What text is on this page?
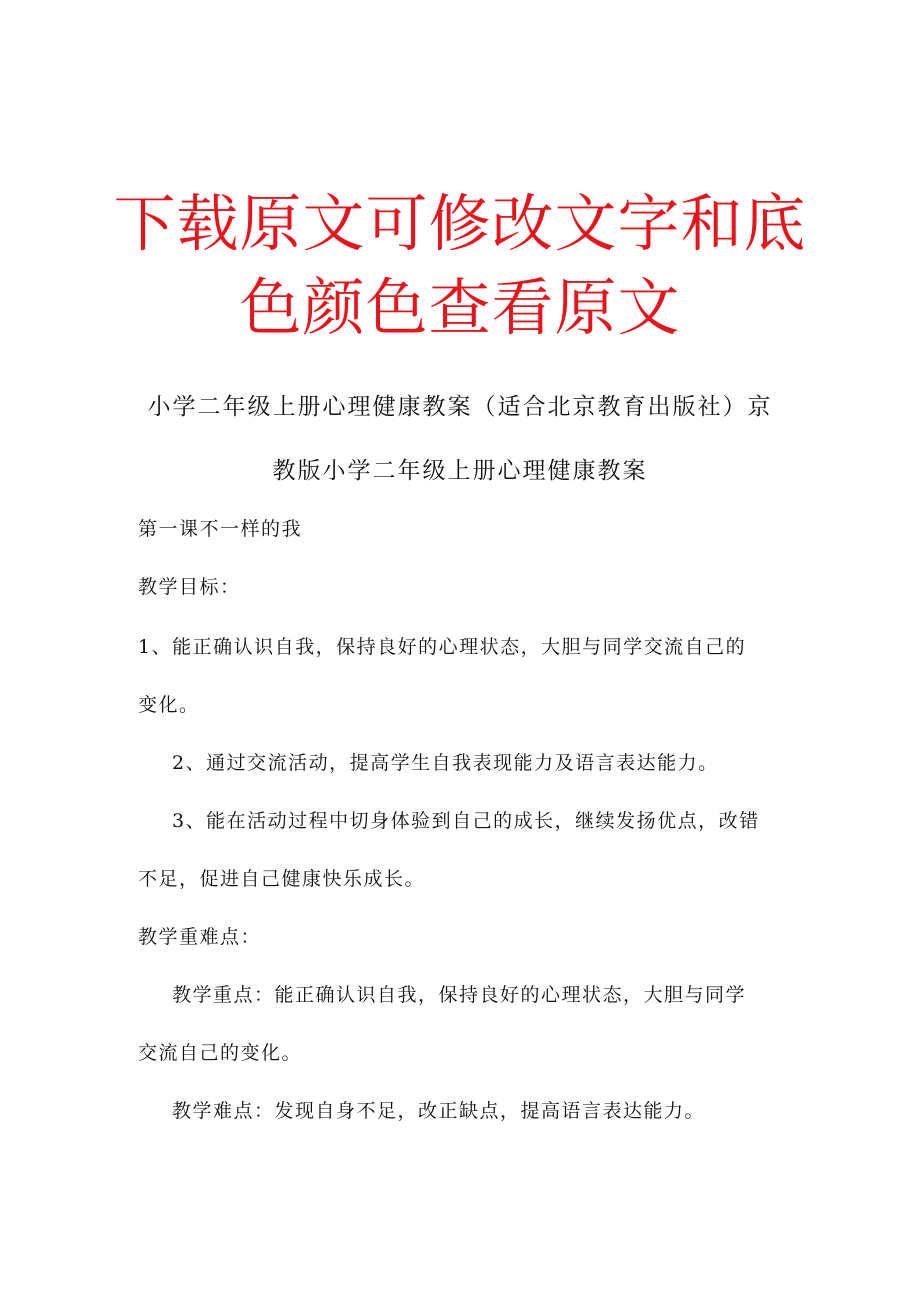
下载原文可修改文字和底
色颜色查看原文
小学二年级上册心理健康教案（适合北京教育出版社）京
教版小学二年级上册心理健康教案
第一课不一样的我
教学目标：
1、能正确认识自我，保持良好的心理状态，大胆与同学交流自己的
变化。
2、通过交流活动，提高学生自我表现能力及语言表达能力。
3、能在活动过程中切身体验到自己的成长，继续发扬优点，改错
不足，促进自己健康快乐成长。
教学重难点：
教学重点：能正确认识自我，保持良好的心理状态，大胆与同学
交流自己的变化。
教学难点：发现自身不足，改正缺点，提高语言表达能力。
